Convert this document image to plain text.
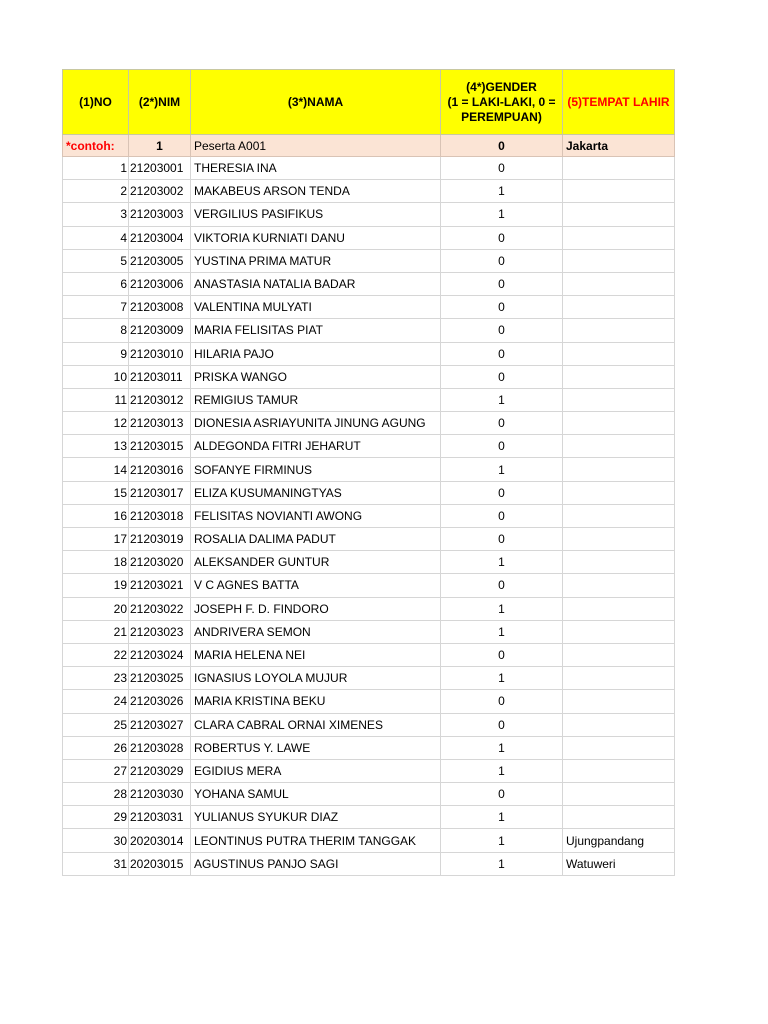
(1)NO	(2*)NIM	(3*)NAMA	(4*)GENDER
(1 = LAKI-LAKI, 0 =
PEREMPUAN)	(5)TEMPAT LAHIR
*contoh:	1	Peserta A001	0	Jakarta
1	21203001	THERESIA INA	0	
2	21203002	MAKABEUS ARSON TENDA	1	
3	21203003	VERGILIUS PASIFIKUS	1	
4	21203004	VIKTORIA KURNIATI DANU	0	
5	21203005	YUSTINA PRIMA MATUR	0	
6	21203006	ANASTASIA NATALIA BADAR	0	
7	21203008	VALENTINA MULYATI	0	
8	21203009	MARIA FELISITAS PIAT	0	
9	21203010	HILARIA PAJO	0	
10	21203011	PRISKA WANGO	0	
11	21203012	REMIGIUS TAMUR	1	
12	21203013	DIONESIA ASRIAYUNITA JINUNG AGUNG	0	
13	21203015	ALDEGONDA FITRI JEHARUT	0	
14	21203016	SOFANYE FIRMINUS	1	
15	21203017	ELIZA KUSUMANINGTYAS	0	
16	21203018	FELISITAS NOVIANTI AWONG	0	
17	21203019	ROSALIA DALIMA PADUT	0	
18	21203020	ALEKSANDER GUNTUR	1	
19	21203021	V C AGNES BATTA	0	
20	21203022	JOSEPH F. D. FINDORO	1	
21	21203023	ANDRIVERA SEMON	1	
22	21203024	MARIA HELENA NEI	0	
23	21203025	IGNASIUS LOYOLA MUJUR	1	
24	21203026	MARIA KRISTINA BEKU	0	
25	21203027	CLARA CABRAL ORNAI XIMENES	0	
26	21203028	ROBERTUS Y. LAWE	1	
27	21203029	EGIDIUS MERA	1	
28	21203030	YOHANA SAMUL	0	
29	21203031	YULIANUS SYUKUR DIAZ	1	
30	20203014	LEONTINUS PUTRA THERIM TANGGAK	1	Ujungpandang
31	20203015	AGUSTINUS PANJO SAGI	1	Watuweri
